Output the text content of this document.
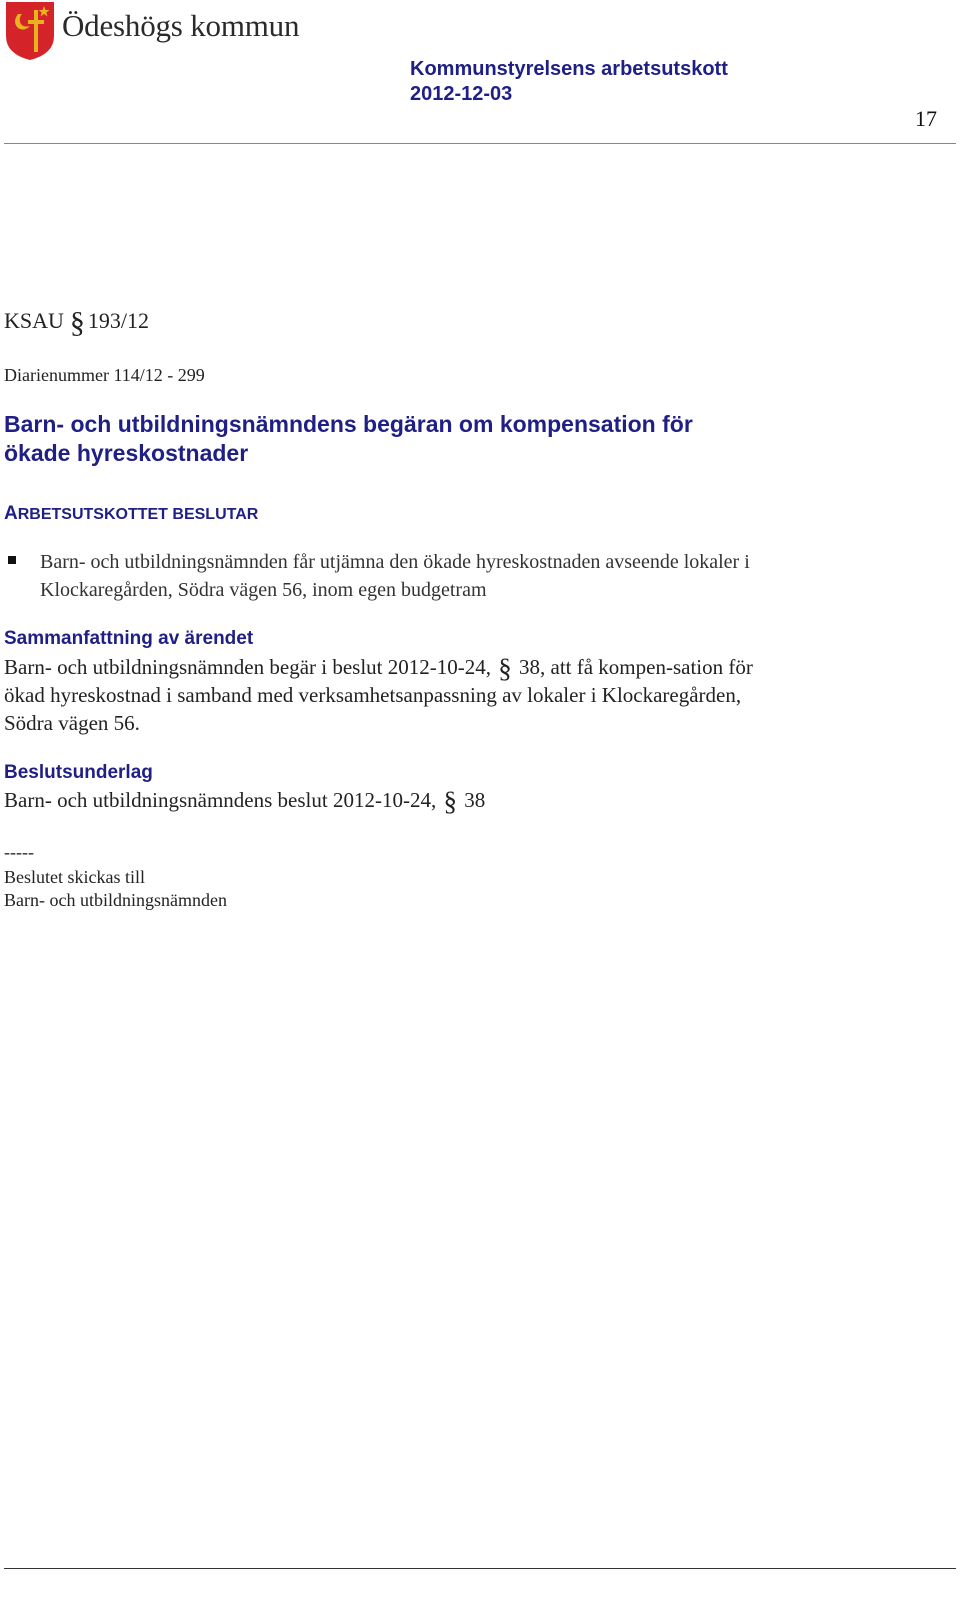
Ödeshögs kommun
Kommunstyrelsens arbetsutskott
2012-12-03
17
KSAU § 193/12
Diarienummer 114/12 - 299
Barn- och utbildningsnämndens begäran om kompensation för ökade hyreskostnader
ARBETSUTSKOTTET BESLUTAR
Barn- och utbildningsnämnden får utjämna den ökade hyreskostnaden avseende lokaler i Klockaregården, Södra vägen 56, inom egen budgetram
Sammanfattning av ärendet
Barn- och utbildningsnämnden begär i beslut 2012-10-24, § 38, att få kompen-sation för ökad hyreskostnad i samband med verksamhetsanpassning av lokaler i Klockaregården, Södra vägen 56.
Beslutsunderlag
Barn- och utbildningsnämndens beslut 2012-10-24, § 38
-----
Beslutet skickas till
Barn- och utbildningsnämnden
